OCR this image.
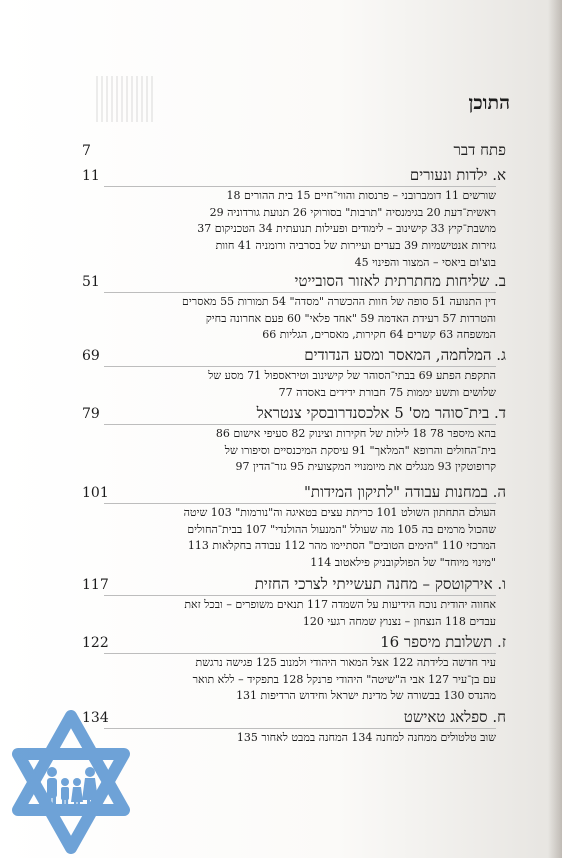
התוכן
פתח דבר
7
א. ילדות ונעורים
11
שורשים 11 דומברובני – פרנסות והווי־חיים 15 בית ההורים 18
ראשית־דעת 20 בגימנסיה "תרבות" בסורוקי 26 תנועת גורדוניה 29
מושבת־קיץ 33 קישינוב – לימודים ופעילות תנועתית 34 הטכניקום 37
גזירות אנטישמיות 39 בערים ועיירות של בסרביה ורומניה 41 חוות
בוצ'ום ביאסי – המצור והפינוי 45
ב. שליחות מחתרתית לאזור הסובייטי
51
דין התנועה 51 סופה של חוות ההכשרה "מסדה" 54 תמורות 55 מאסרים
והטרדות 57 רעידת האדמה 59 "אחד פלאי" 60 פעם אחרונה בחיק
המשפחה 63 קשרים 64 חקירות, מאסרים, הגליות 66
ג. המלחמה, המאסר ומסע הנדודים
69
התקפת הפתע 69 בבתי־הסוהר של קישינוב וטיראספול 71 מסע של
שלושים ותשע יממות 75 חבורת ידידים באסדה 77
ד. בית־סוהר מס' 5 אלכסנדרובסקי צנטראל
79
בהא מיספר 78 18 לילות של חקירות וצינוק 82 סעיפי אישום 86
בית־החולים והרופא "המלאך" 91 עיסקת המיכנסיים וסיפורו של
קרופוטקין 93 מנגלים את מיומנויי המקצועית 95 גזר־הדין 97
ה. במחנות עבודה "לתיקון המידות"
101
העולם התחתון השולט 101 כריתת עצים בטאיגה וה"נורמות" 103 שיטה
שהכול מרמים בה 105 מה שעולל "המנעול ההולנדי" 107 בבית־החולים
המרכזי 110 "הימים הטובים" הסתיימו מהר 112 עבודה בחקלאות 113
"מינוי מיוחד" של הפולקובניק פילאטוב 114
ו. אירקוטסק – מחנה תעשייתי לצרכי החזית
117
אחווה יהודית נוכח הידיעות על השמדה 117 תנאים משופרים – ובכל זאת
עבדים 118 הנצחון – נצנוץ שמחה רגעי 120
ז. תשלובת מיספר 16
122
עיר חדשה בלידתה 122 אצל המאור היהודי ולמנוב 125 פגישה נרגשת
עם בן־עיר 127 אבי ה"שיטה" היהודי פרנקל 128 בתפקיד – ללא תואר
מהנדס 130 בבשורה של מדינת ישראל וחידוש הרדיפות 131
ח. ספלאג טאישט
134
שוב טלטולים ממחנה למחנה 134 המחנה במבט לאחור 135
